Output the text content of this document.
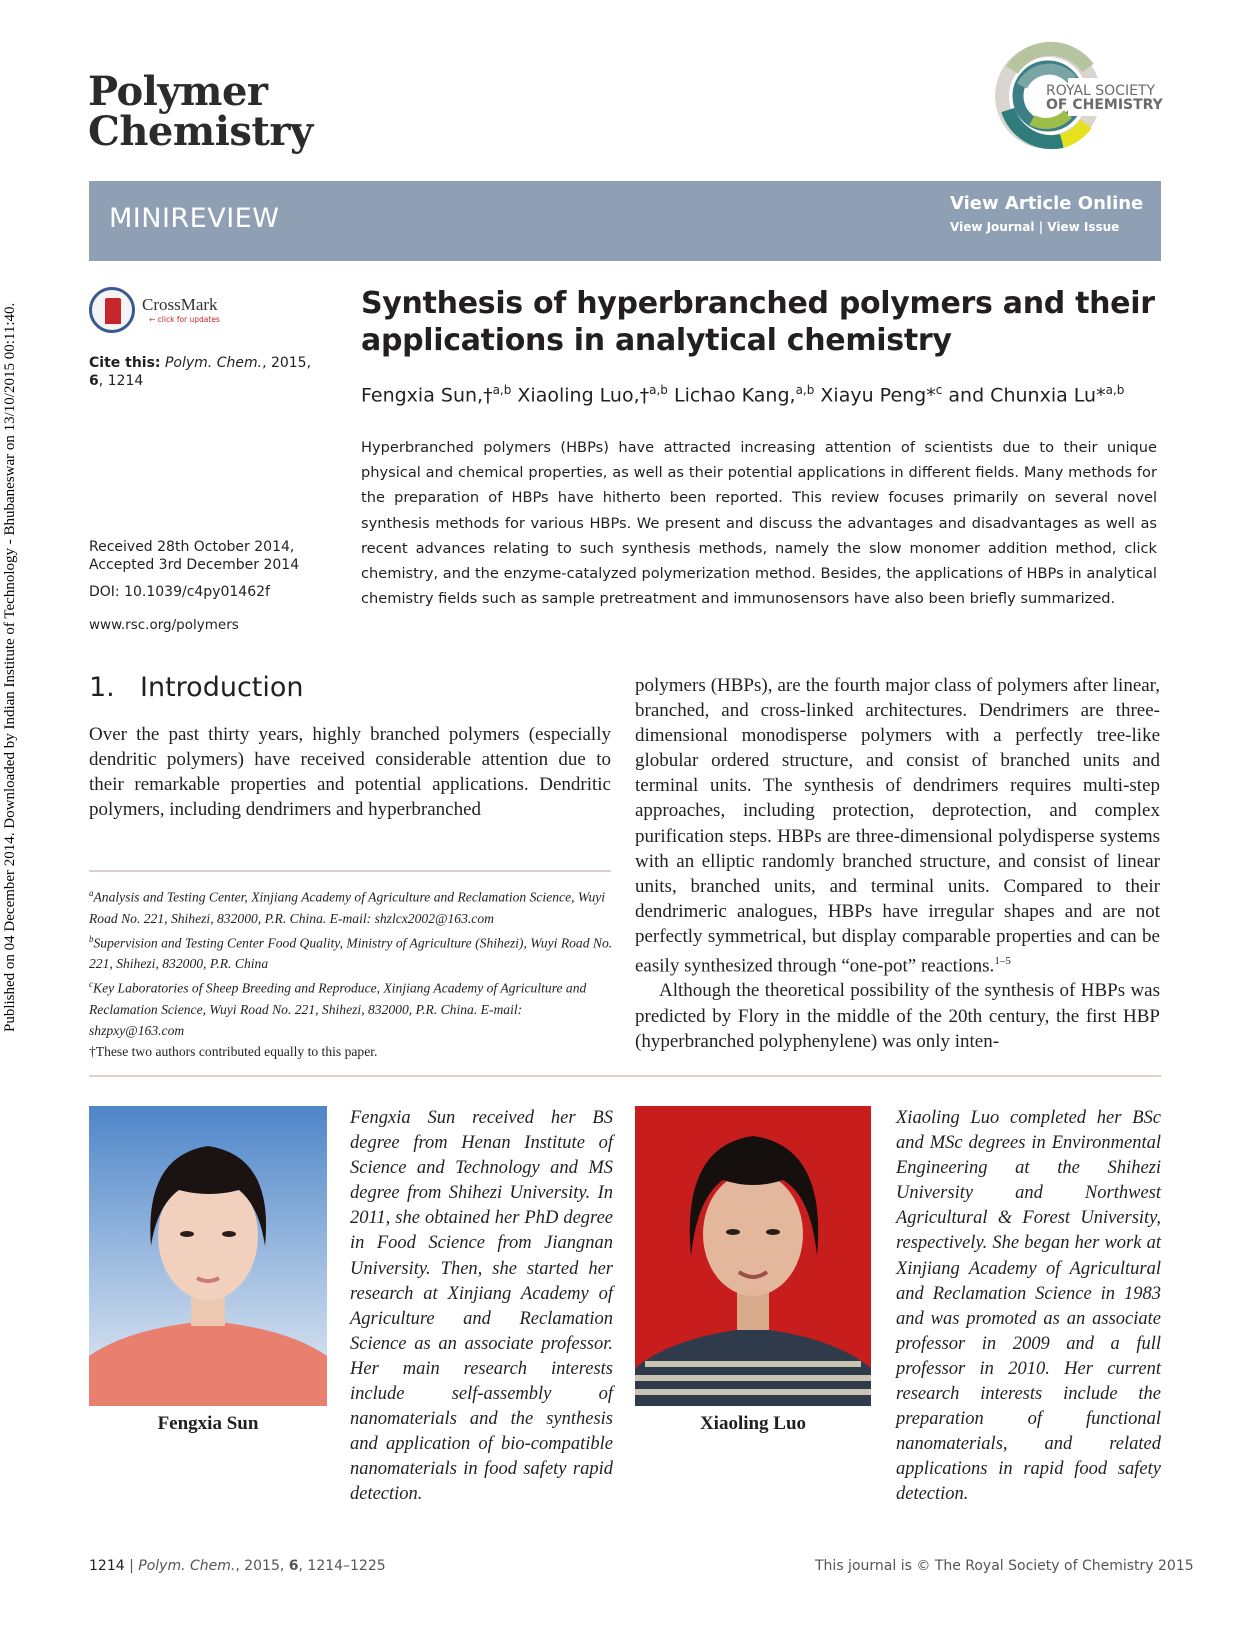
Published on 04 December 2014. Downloaded by Indian Institute of Technology - Bhubaneswar on 13/10/2015 00:11:40.
Polymer
Chemistry
ROYAL SOCIETY
OF CHEMISTRY
MINIREVIEW	View Article Online
View Journal | View Issue
CrossMark
← click for updates
Cite this: Polym. Chem., 2015, 6, 1214
Received 28th October 2014,
Accepted 3rd December 2014
DOI: 10.1039/c4py01462f
www.rsc.org/polymers
Synthesis of hyperbranched polymers and their applications in analytical chemistry
Fengxia Sun,†$^{a,b}$ Xiaoling Luo,†$^{a,b}$ Lichao Kang,$^{a,b}$ Xiayu Peng*$^c$ and Chunxia Lu*$^{a,b}$
Hyperbranched polymers (HBPs) have attracted increasing attention of scientists due to their unique physical and chemical properties, as well as their potential applications in different fields. Many methods for the preparation of HBPs have hitherto been reported. This review focuses primarily on several novel synthesis methods for various HBPs. We present and discuss the advantages and disadvantages as well as recent advances relating to such synthesis methods, namely the slow monomer addition method, click chemistry, and the enzyme-catalyzed polymerization method. Besides, the applications of HBPs in analytical chemistry fields such as sample pretreatment and immunosensors have also been briefly summarized.
1. Introduction
Over the past thirty years, highly branched polymers (especially dendritic polymers) have received considerable attention due to their remarkable properties and potential applications. Dendritic polymers, including dendrimers and hyperbranched

polymers (HBPs), are the fourth major class of polymers after linear, branched, and cross-linked architectures. Dendrimers are three-dimensional monodisperse polymers with a perfectly tree-like globular ordered structure, and consist of branched units and terminal units. The synthesis of dendrimers requires multi-step approaches, including protection, deprotection, and complex purification steps. HBPs are three-dimensional polydisperse systems with an elliptic randomly branched structure, and consist of linear units, branched units, and terminal units. Compared to their dendrimeric analogues, HBPs have irregular shapes and are not perfectly symmetrical, but display comparable properties and can be easily synthesized through “one-pot” reactions.$^{1-5}$

Although the theoretical possibility of the synthesis of HBPs was predicted by Flory in the middle of the 20th century, the first HBP (hyperbranched polyphenylene) was only inten-

$^a$Analysis and Testing Center, Xinjiang Academy of Agriculture and Reclamation Science, Wuyi Road No. 221, Shihezi, 832000, P.R. China. E-mail: shzlcx2002@163.com

$^b$Supervision and Testing Center Food Quality, Ministry of Agriculture (Shihezi), Wuyi Road No. 221, Shihezi, 832000, P.R. China

$^c$Key Laboratories of Sheep Breeding and Reproduce, Xinjiang Academy of Agriculture and Reclamation Science, Wuyi Road No. 221, Shihezi, 832000, P.R. China. E-mail: shzpxy@163.com

†These two authors contributed equally to this paper.

Fengxia Sun
Fengxia Sun received her BS degree from Henan Institute of Science and Technology and MS degree from Shihezi University. In 2011, she obtained her PhD degree in Food Science from Jiangnan University. Then, she started her research at Xinjiang Academy of Agriculture and Reclamation Science as an associate professor. Her main research interests include self-assembly of nanomaterials and the synthesis and application of bio-compatible nanomaterials in food safety rapid detection.
Xiaoling Luo
Xiaoling Luo completed her BSc and MSc degrees in Environmental Engineering at the Shihezi University and Northwest Agricultural & Forest University, respectively. She began her work at Xinjiang Academy of Agricultural and Reclamation Science in 1983 and was promoted as an associate professor in 2009 and a full professor in 2010. Her current research interests include the preparation of functional nanomaterials, and related applications in rapid food safety detection.
1214 | Polym. Chem., 2015, 6, 1214–1225	This journal is © The Royal Society of Chemistry 2015
